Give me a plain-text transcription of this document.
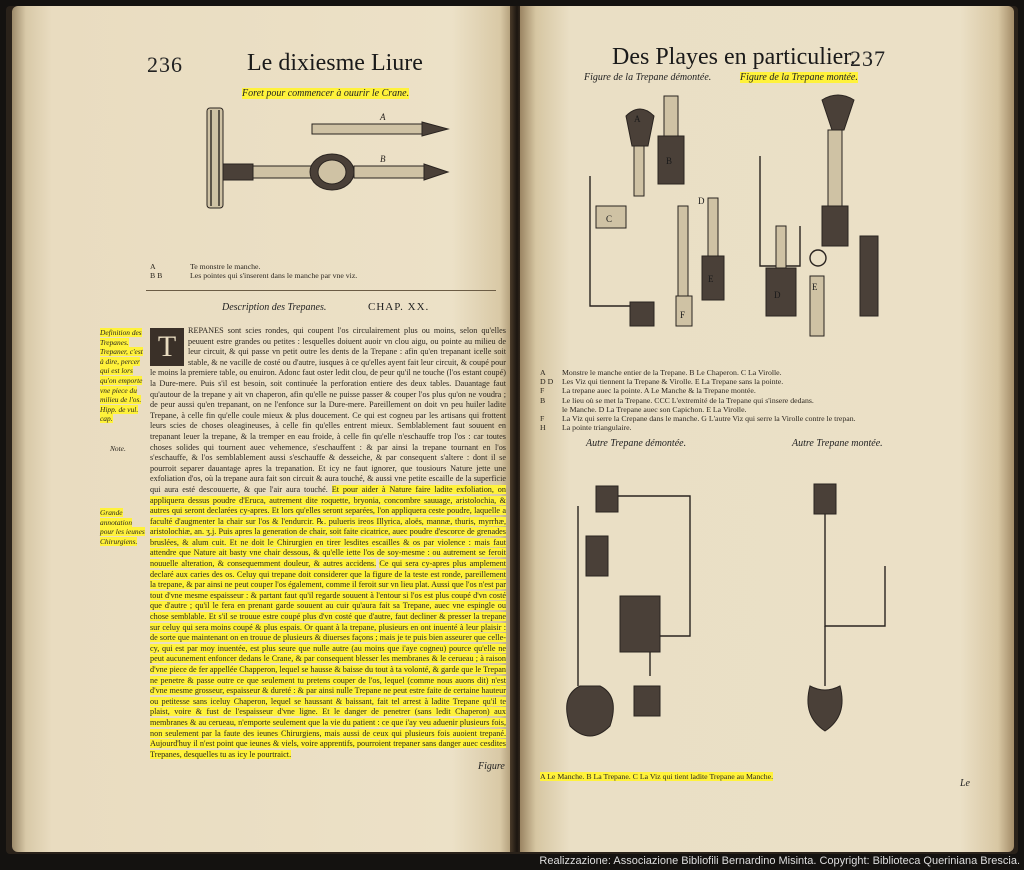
236	Le dixiesme Liure
Foret pour commencer à ouurir le Crane.
A
B
A	Te monstre le manche.
B B	Les pointes qui s'inserent dans le manche par vne viz.
Description des Trepanes.	CHAP. XX.
Definition des Trepanes. Trepaner, c'est à dire, percer qui est lors qu'on emporte vne piece du milieu de l'os. Hipp. de vul. cap.
Note.
Grande annotation pour les ieunes Chirurgiens.
T	REPANES sont scies rondes, qui coupent l'os circulairement plus ou moins, selon qu'elles peuuent estre grandes ou petites : lesquelles doiuent auoir vn clou aigu, ou pointe au milieu de leur circuit, & qui passe vn petit outre les dents de la Trepane : afin qu'en trepanant icelle soit stable, & ne vacille de costé ou d'autre, iusques à ce qu'elles ayent fait leur circuit, & coupé pour le moins la premiere table, ou enuiron. Adonc faut oster ledit clou, de peur qu'il ne touche (l'os estant coupé) la Dure-mere. Puis s'il est besoin, soit continuée la perforation entiere des deux tables. Dauantage faut qu'autour de la trepane y ait vn chaperon, afin qu'elle ne puisse passer & couper l'os plus qu'on ne voudra ; de peur aussi qu'en trepanant, on ne l'enfonce sur la Dure-mere. Pareillement on doit vn peu huiler ladite Trepane, à celle fin qu'elle coule mieux & plus doucement. Ce qui est cogneu par les artisans qui frottent leurs scies de choses oleagineuses, à celle fin qu'elles entrent mieux. Semblablement faut souuent en trepanant leuer la trepane, & la tremper en eau froide, à celle fin qu'elle n'eschauffe trop l'os : car toutes choses solides qui tournent auec vehemence, s'eschauffent : & par ainsi la trepane tournant en l'os s'eschauffe, & l'os semblablement aussi s'eschauffe & desseiche, & par consequent s'altere : dont il se pourroit separer dauantage apres la trepanation. Et icy ne faut ignorer, que tousiours Nature jette une exfoliation d'os, où la trepane aura fait son circuit & aura touché, & aussi vne petite escaille de la superficie qui aura esté descouuerte, & que l'air aura touché. Et pour aider à Nature faire ladite exfoliation, on appliquera dessus poudre d'Eruca, autrement dite roquette, bryonia, concombre sauuage, aristolochia, & autres qui seront declarées cy-apres. Et lors qu'elles seront separées, l'on appliquera ceste poudre, laquelle a faculté d'augmenter la chair sur l'os & l'endurcir. ℞. pulueris ireos Illyrica, aloës, mannæ, thuris, myrrhæ, aristolochiæ, an. ʒ.j. Puis apres la generation de chair, soit faite cicatrice, auec poudre d'escorce de grenades bruslées, & alum cuit. Et ne doit le Chirurgien en tirer lesdites escailles & os par violence : mais faut attendre que Nature ait basty vne chair dessous, & qu'elle iette l'os de soy-mesme : ou autrement se feroit nouuelle alteration, & consequemment douleur, & autres accidens. Ce qui sera cy-apres plus amplement declaré aux caries des os. Celuy qui trepane doit considerer que la figure de la teste est ronde, pareillement la trepane, & par ainsi ne peut couper l'os également, comme il feroit sur vn lieu plat. Aussi que l'os n'est par tout d'vne mesme espaisseur : & partant faut qu'il regarde souuent à l'entour si l'os est plus coupé d'vn costé que d'autre ; qu'il le fera en prenant garde souuent au cuir qu'aura fait sa Trepane, auec vne espingle ou chose semblable. Et s'il se trouue estre coupé plus d'vn costé que d'autre, faut decliner & presser la trepane sur celuy qui sera moins coupé & plus espais. Or quant à la trepane, plusieurs en ont inuenté à leur plaisir : de sorte que maintenant on en trouue de plusieurs & diuerses façons ; mais je te puis bien asseurer que celle-cy, qui est par moy inuentée, est plus seure que nulle autre (au moins que i'aye cogneu) pource qu'elle ne peut aucunement enfoncer dedans le Crane, & par consequent blesser les membranes & le cerueau ; à raison d'vne piece de fer appellée Chapperon, lequel se hausse & baisse du tout à ta volonté, & garde que le Trepan ne penetre & passe outre ce que seulement tu pretens couper de l'os, lequel (comme nous auons dit) n'est d'vne mesme grosseur, espaisseur & dureté : & par ainsi nulle Trepane ne peut estre faite de certaine hauteur ou petitesse sans iceluy Chaperon, lequel se haussant & baissant, fait tel arrest à ladite Trepane qu'il te plaist, voire & fust de l'espaisseur d'vne ligne. Et le danger de penetrer (sans ledit Chaperon) aux membranes & au cerueau, n'emporte seulement que la vie du patient : ce que i'ay veu aduenir plusieurs fois, non seulement par la faute des ieunes Chirurgiens, mais aussi de ceux qui plusieurs fois auoient trepané. Aujourd'huy il n'est point que ieunes & viels, voire apprentifs, pourroient trepaner sans danger auec cesdites Trepanes, desquelles tu as icy le pourtraict.
Figure
Des Playes en particulier.
237
Figure de la Trepane démontée.	Figure de la Trepane montée.
A
B
C
D
E
F
D
E
A Monstre le manche entier de la Trepane. B Le Chaperon. C La Virolle.
D D Les Viz qui tiennent la Trepane & Virolle. E La Trepane sans la pointe.
F La trepane auec la pointe. A Le Manche & la Trepane montée.
B Le lieu où se met la Trepane. CCC L'extremité de la Trepane qui s'insere dedans.
le Manche. D La Trepane auec son Capichon. E La Virolle.
F La Viz qui serre la Crepane dans le manche. G L'autre Viz qui serre la Virolle contre le trepan.
H La pointe triangulaire.
Autre Trepane démontée.	Autre Trepane montée.
A Le Manche. B La Trepane. C La Viz qui tient ladite Trepane au Manche.
Le
Realizzazione: Associazione Bibliofili Bernardino Misinta. Copyright: Biblioteca Queriniana Brescia.
